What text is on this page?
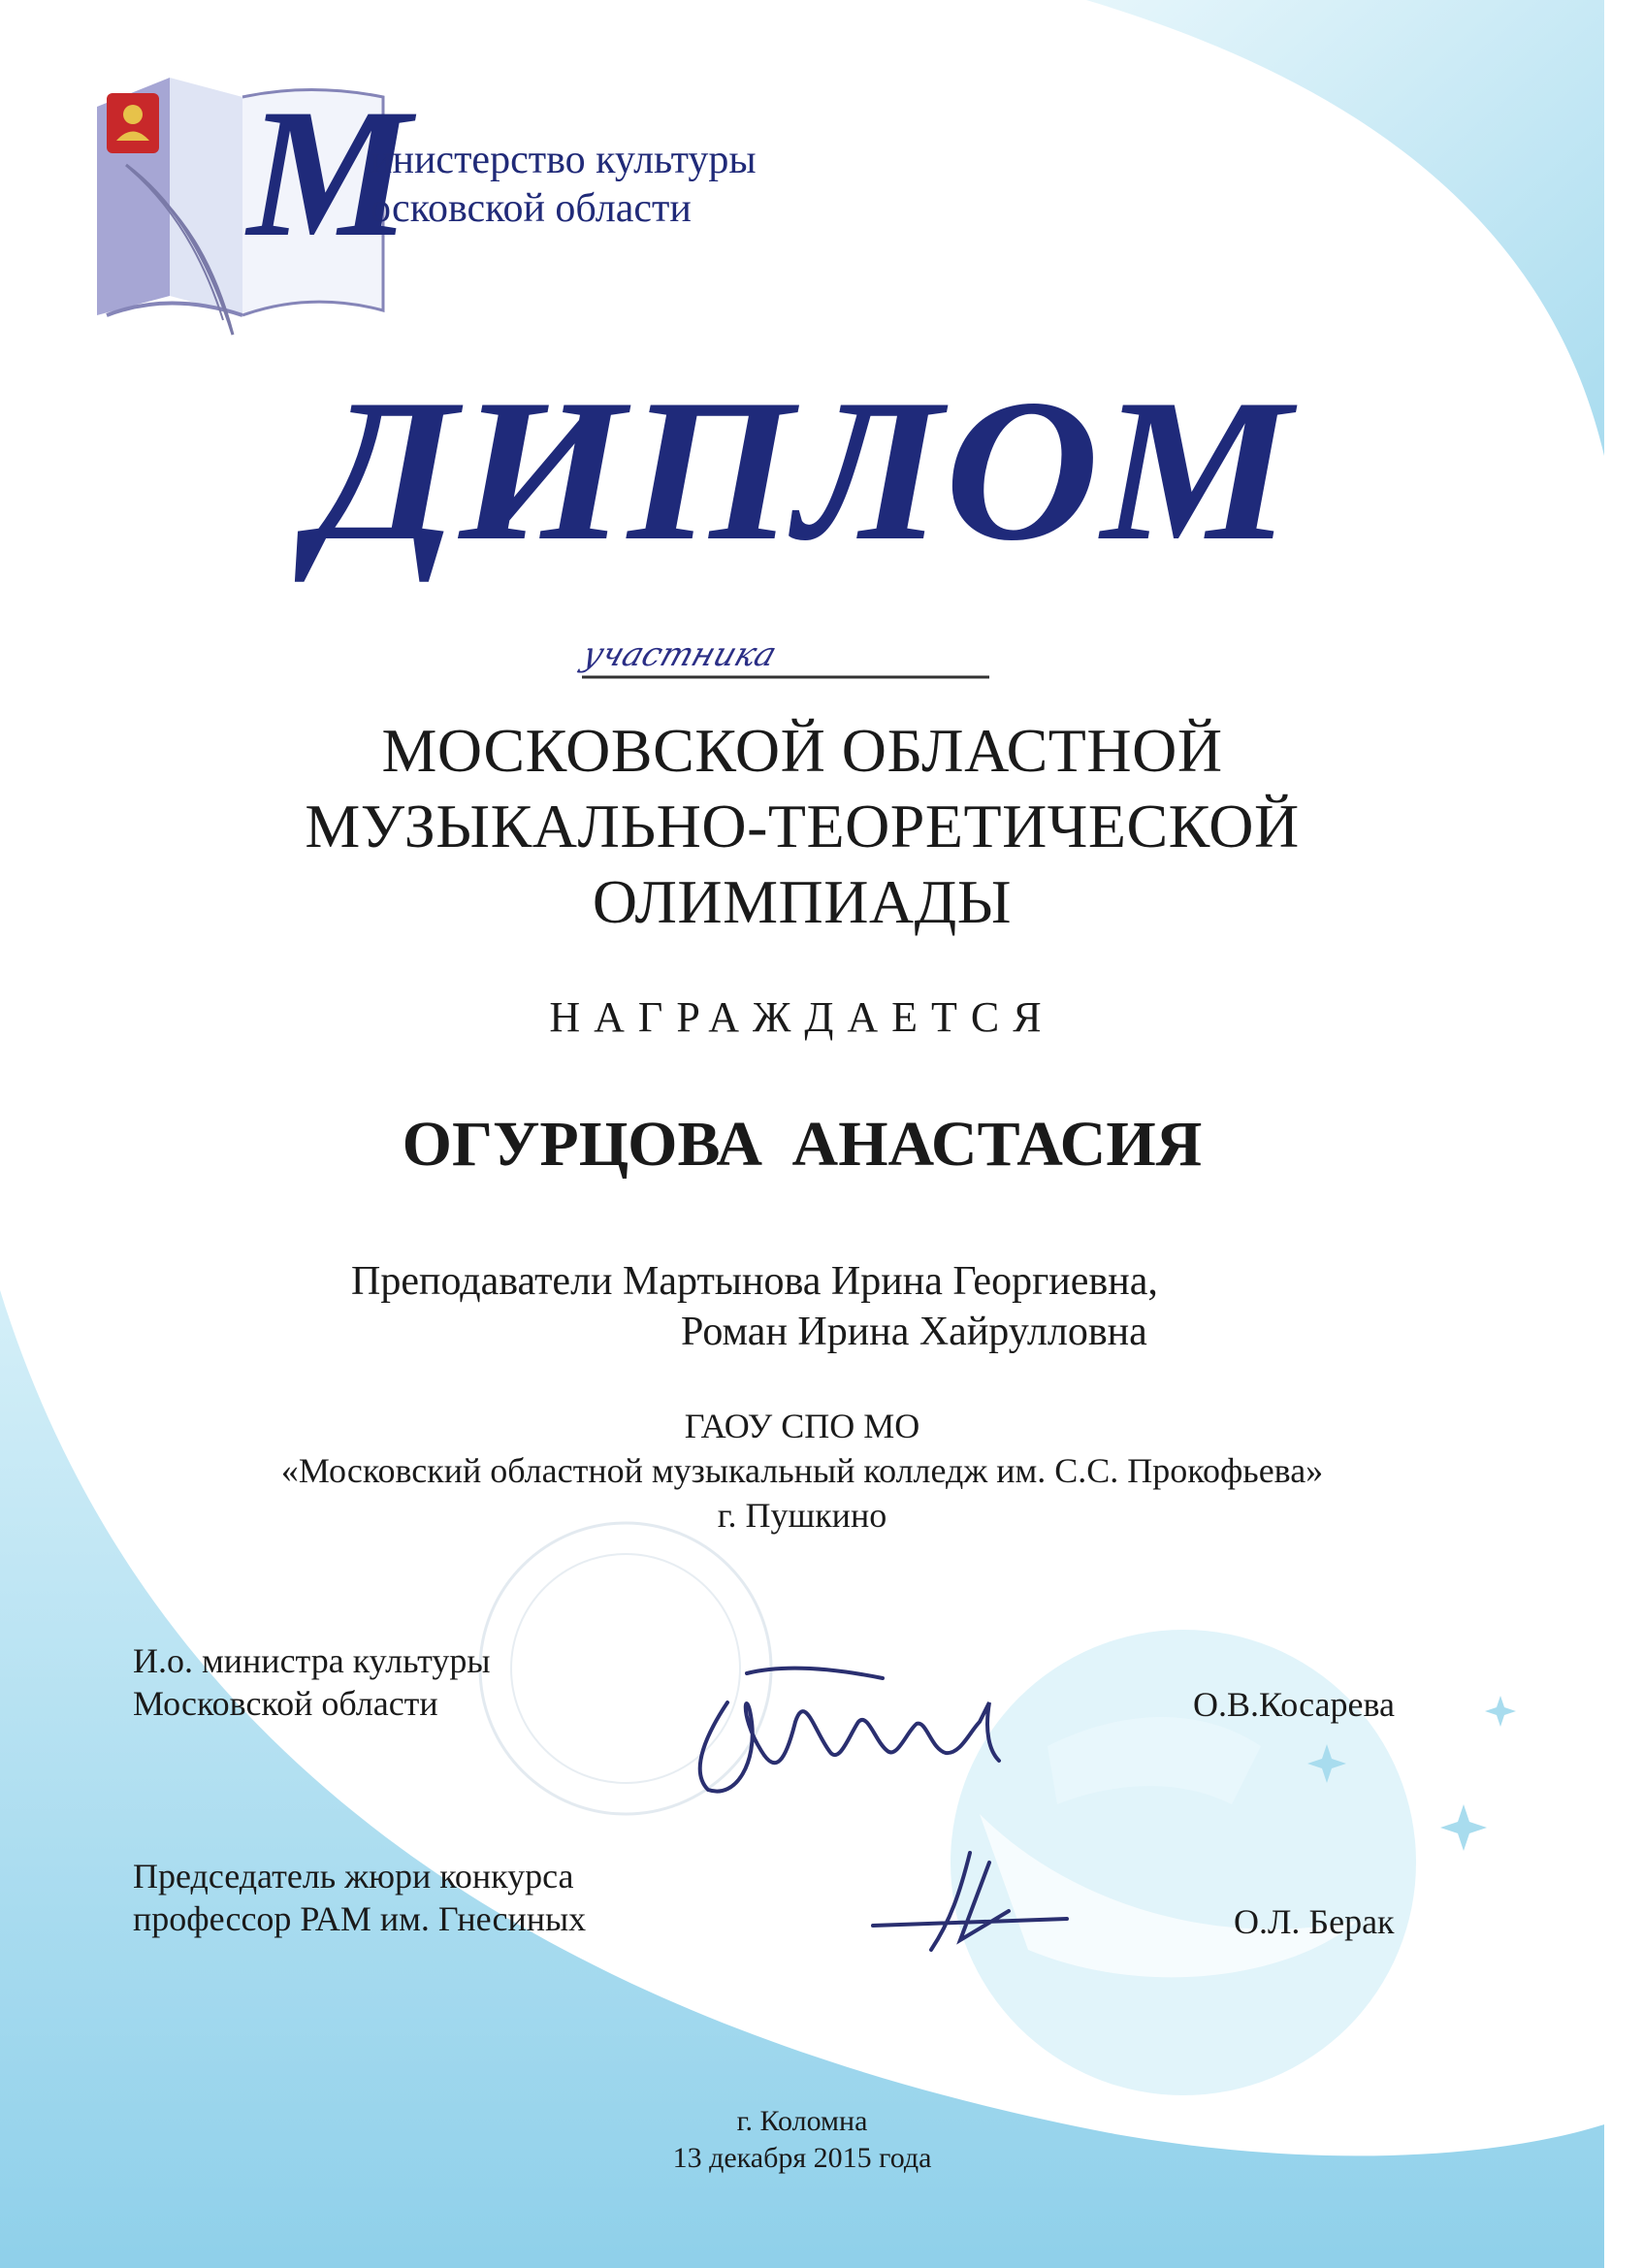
М
инистерство культуры
осковской области
ДИПЛОМ
участника
МОСКОВСКОЙ ОБЛАСТНОЙ
МУЗЫКАЛЬНО-ТЕОРЕТИЧЕСКОЙ
ОЛИМПИАДЫ
НАГРАЖДАЕТСЯ
ОГУРЦОВА АНАСТАСИЯ
Преподаватели Мартынова Ирина Георгиевна,
Роман Ирина Хайрулловна
ГАОУ СПО МО
«Московский областной музыкальный колледж им. С.С. Прокофьева»
г. Пушкино
И.о. министра культуры
Московской области	О.В.Косарева
Председатель жюри конкурса
профессор РАМ им. Гнесиных	О.Л. Берак
г. Коломна
13 декабря 2015 года
